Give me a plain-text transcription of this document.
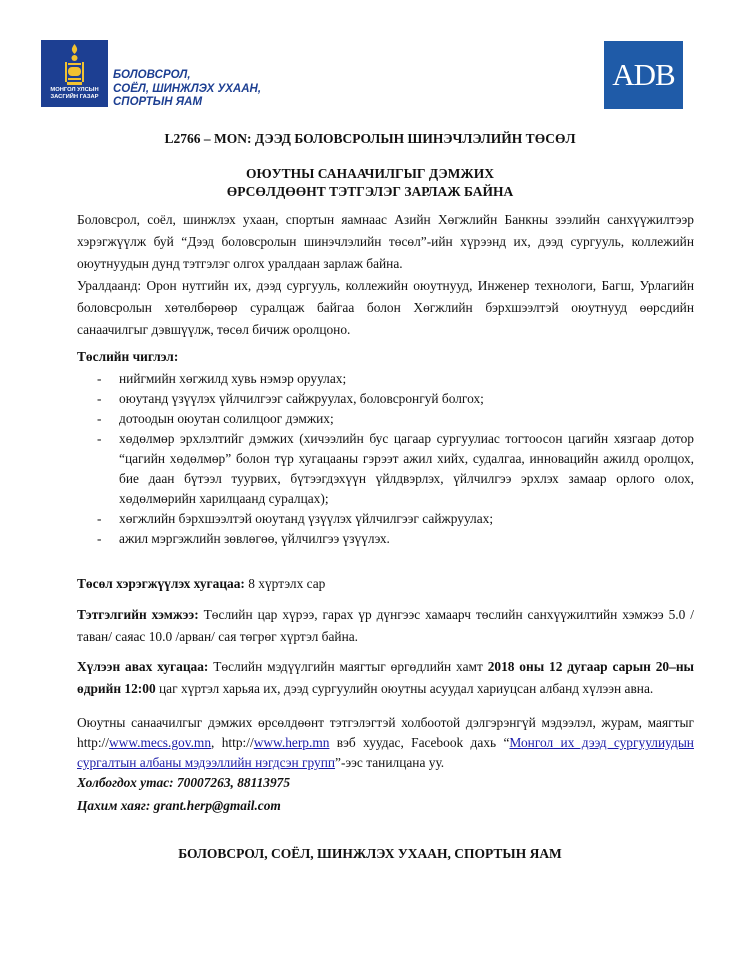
МОНГОЛ УЛСЫН
ЗАСГИЙН ГАЗАР
БОЛОВСРОЛ,
СОЁЛ, ШИНЖЛЭХ УХААН,
СПОРТЫН ЯАМ
ADB
L2766 – MON: ДЭЭД БОЛОВСРОЛЫН ШИНЭЧЛЭЛИЙН ТӨСӨЛ
ОЮУТНЫ САНААЧИЛГЫГ ДЭМЖИХ
ӨРСӨЛДӨӨНТ ТЭТГЭЛЭГ ЗАРЛАЖ БАЙНА
Боловсрол, соёл, шинжлэх ухаан, спортын яамнаас Азийн Хөгжлийн Банкны зээлийн санхүүжилтээр хэрэгжүүлж буй “Дээд боловсролын шинэчлэлийн төсөл”-ийн хүрээнд их, дээд сургууль, коллежийн оюутнуудын дунд тэтгэлэг олгох уралдаан зарлаж байна.
Уралдаанд: Орон нутгийн их, дээд сургууль, коллежийн оюутнууд, Инженер технологи, Багш, Урлагийн боловсролын хөтөлбөрөөр суралцаж байгаа болон Хөгжлийн бэрхшээлтэй оюутнууд өөрсдийн санаачилгыг дэвшүүлж, төсөл бичиж оролцоно.
Төслийн чиглэл:
- нийгмийн хөгжилд хувь нэмэр оруулах;
- оюутанд үзүүлэх үйлчилгээг сайжруулах, боловсронгуй болгох;
- дотоодын оюутан солилцоог дэмжих;
- хөдөлмөр эрхлэлтийг дэмжих (хичээлийн бус цагаар сургуулиас тогтоосон цагийн хязгаар дотор “цагийн хөдөлмөр” болон түр хугацааны гэрээт ажил хийх, судалгаа, инновацийн ажилд оролцох, бие даан бүтээл туурвих, бүтээгдэхүүн үйлдвэрлэх, үйлчилгээ эрхлэх замаар орлого олох, хөдөлмөрийн харилцаанд суралцах);
- хөгжлийн бэрхшээлтэй оюутанд үзүүлэх үйлчилгээг сайжруулах;
- ажил мэргэжлийн зөвлөгөө, үйлчилгээ үзүүлэх.
Төсөл хэрэгжүүлэх хугацаа: 8 хүртэлх сар
Тэтгэлгийн хэмжээ: Төслийн цар хүрээ, гарах үр дүнгээс хамаарч төслийн санхүүжилтийн хэмжээ 5.0 /таван/ саяас 10.0 /арван/ сая төгрөг хүртэл байна.
Хүлээн авах хугацаа: Төслийн мэдүүлгийн маягтыг өргөдлийн хамт 2018 оны 12 дугаар сарын 20–ны өдрийн 12:00 цаг хүртэл харьяа их, дээд сургуулийн оюутны асуудал хариуцсан албанд хүлээн авна.
Оюутны санаачилгыг дэмжих өрсөлдөөнт тэтгэлэгтэй холбоотой дэлгэрэнгүй мэдээлэл, журам, маягтыг http://www.mecs.gov.mn, http://www.herp.mn вэб хуудас, Facebook дахь “Монгол их дээд сургуулиудын сургалтын албаны мэдээллийн нэгдсэн групп”-ээс танилцана уу.
Холбогдох утас: 70007263, 88113975
Цахим хаяг: grant.herp@gmail.com
БОЛОВСРОЛ, СОЁЛ, ШИНЖЛЭХ УХААН, СПОРТЫН ЯАМ
